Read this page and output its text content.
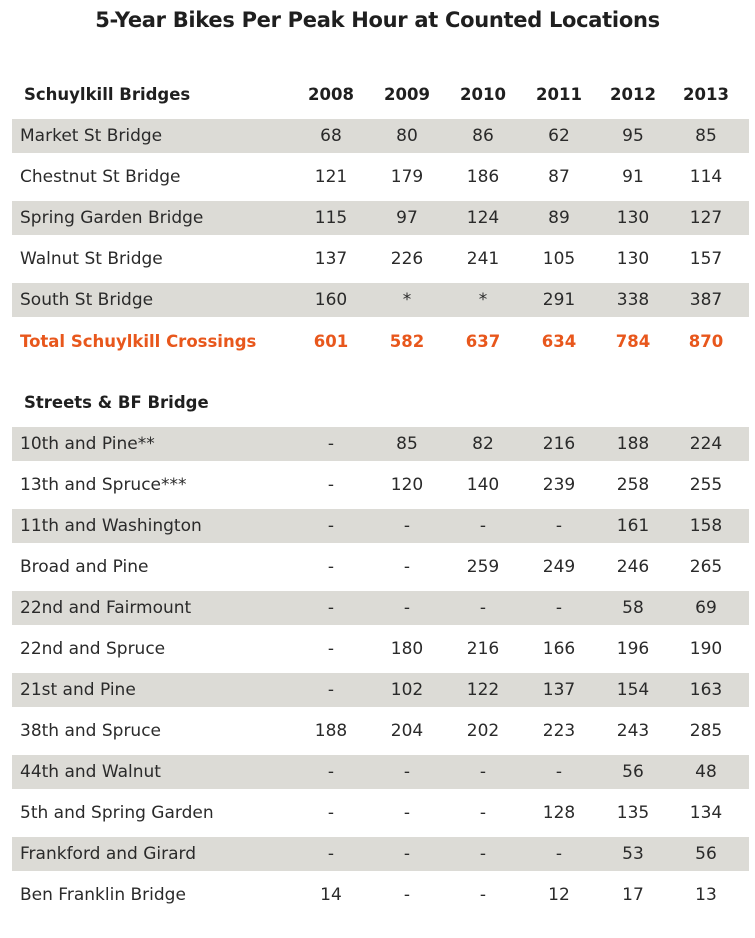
5-Year Bikes Per Peak Hour at Counted Locations
Schuylkill Bridges	2008	2009	2010	2011	2012	2013
Market St Bridge	68	80	86	62	95	85
Chestnut St Bridge	121	179	186	87	91	114
Spring Garden Bridge	115	97	124	89	130	127
Walnut St Bridge	137	226	241	105	130	157
South St Bridge	160	*	*	291	338	387
Total Schuylkill Crossings	601	582	637	634	784	870
Streets & BF Bridge
10th and Pine**	-	85	82	216	188	224
13th and Spruce***	-	120	140	239	258	255
11th and Washington	-	-	-	-	161	158
Broad and Pine	-	-	259	249	246	265
22nd and Fairmount	-	-	-	-	58	69
22nd and Spruce	-	180	216	166	196	190
21st and Pine	-	102	122	137	154	163
38th and Spruce	188	204	202	223	243	285
44th and Walnut	-	-	-	-	56	48
5th and Spring Garden	-	-	-	128	135	134
Frankford and Girard	-	-	-	-	53	56
Ben Franklin Bridge	14	-	-	12	17	13
